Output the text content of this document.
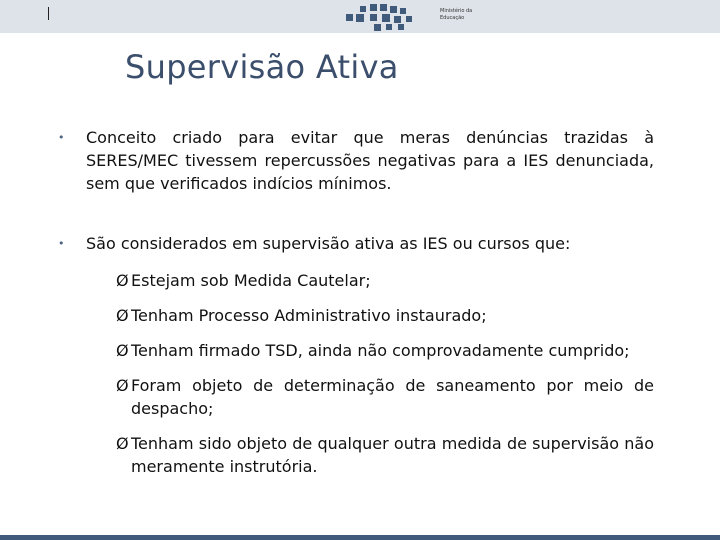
Ministério da
Educação
Supervisão Ativa

• Conceito criado para evitar que meras denúncias trazidas à SERES/MEC tivessem repercussões negativas para a IES denunciada, sem que verificados indícios mínimos.

• São considerados em supervisão ativa as IES ou cursos que:

Ø Estejam sob Medida Cautelar;

Ø Tenham Processo Administrativo instaurado;

Ø Tenham firmado TSD, ainda não comprovadamente cumprido;

Ø Foram objeto de determinação de saneamento por meio de despacho;

Ø Tenham sido objeto de qualquer outra medida de supervisão não meramente instrutória.
